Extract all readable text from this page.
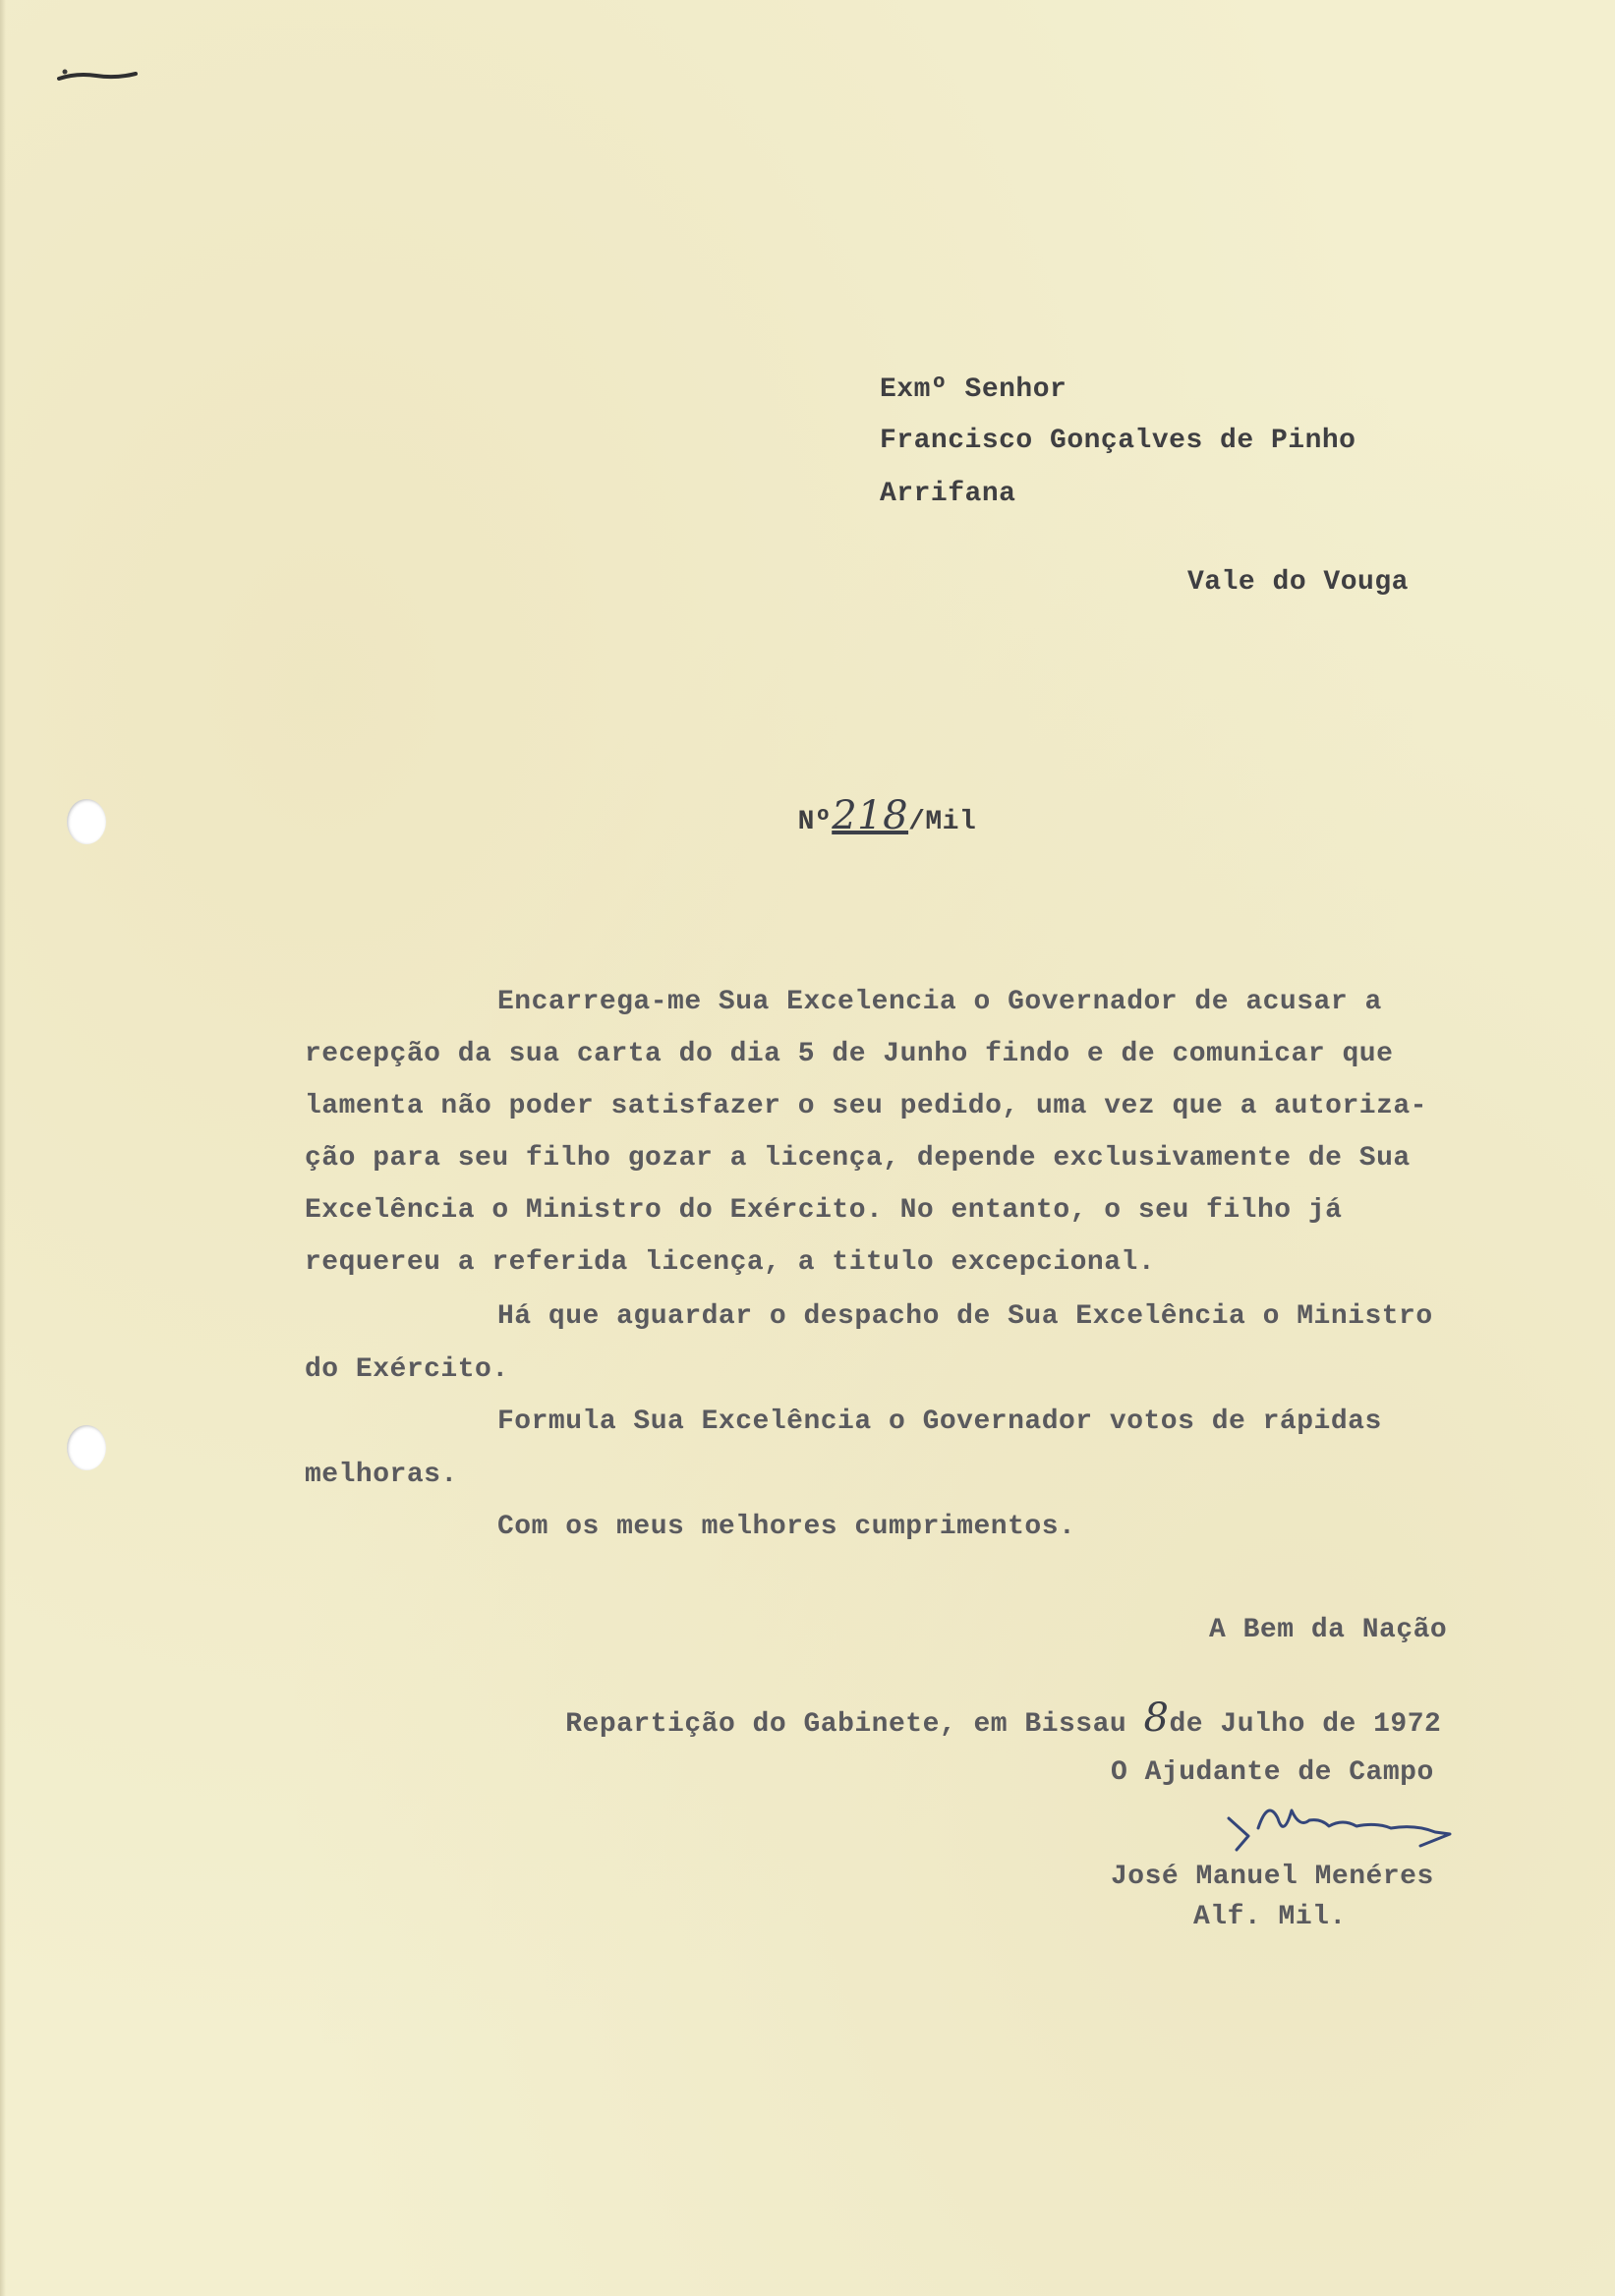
Exmº Senhor
Francisco Gonçalves de Pinho
Arrifana
Vale do Vouga

Nº218/Mil

Encarrega-me Sua Excelencia o Governador de acusar a
recepção da sua carta do dia 5 de Junho findo e de comunicar que
lamenta não poder satisfazer o seu pedido, uma vez que a autoriza-
ção para seu filho gozar a licença, depende exclusivamente de Sua
Excelência o Ministro do Exército. No entanto, o seu filho já
requereu a referida licença, a titulo excepcional.
Há que aguardar o despacho de Sua Excelência o Ministro
do Exército.
Formula Sua Excelência o Governador votos de rápidas
melhoras.
Com os meus melhores cumprimentos.
A Bem da Nação

Repartição do Gabinete, em Bissau 8de Julho de 1972

O Ajudante de Campo
José Manuel Menéres
Alf. Mil.
